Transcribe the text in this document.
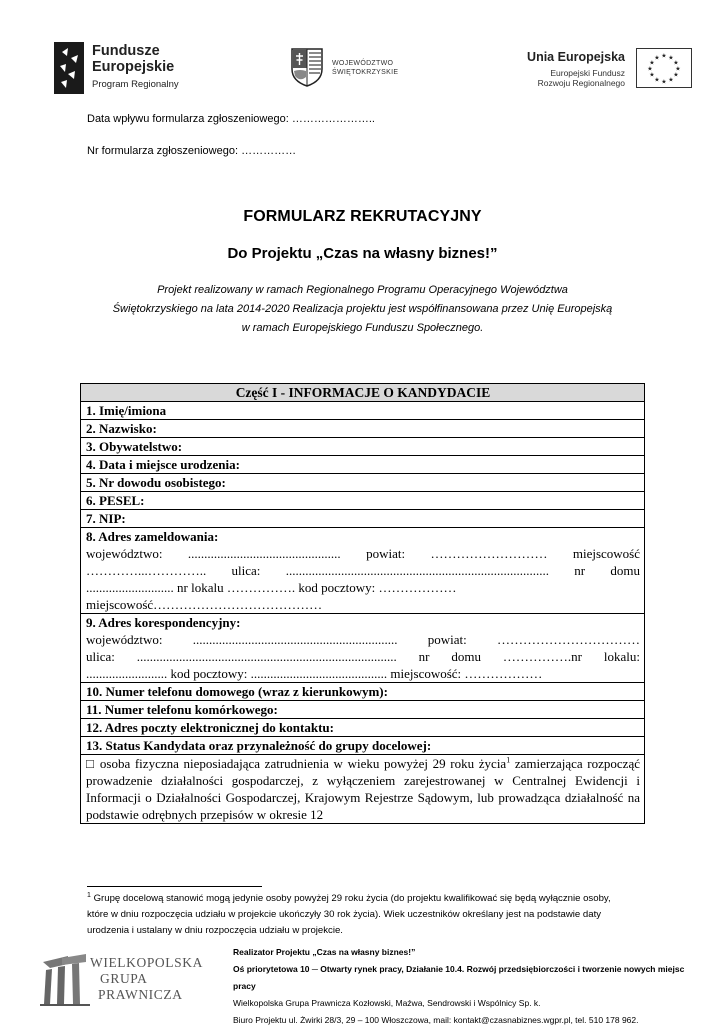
Fundusze
Europejskie
Program Regionalny
WOJEWÓDZTWO
ŚWIĘTOKRZYSKIE
Unia Europejska
Europejski Fundusz
Rozwoju Regionalnego
★ ★
★
★
★
★
★
★
★
★
★
★
Data wpływu formularza zgłoszeniowego: …………………..
Nr formularza zgłoszeniowego: ……………
FORMULARZ REKRUTACYJNY
Do Projektu „Czas na własny biznes!”
Projekt realizowany w ramach Regionalnego Programu Operacyjnego Województwa
Świętokrzyskiego na lata 2014-2020 Realizacja projektu jest współfinansowana przez Unię Europejską
w ramach Europejskiego Funduszu Społecznego.
Część I - INFORMACJE O KANDYDACIE
1. Imię/imiona
2. Nazwisko:
3. Obywatelstwo:
4. Data i miejsce urodzenia:
5. Nr dowodu osobistego:
6. PESEL:
7. NIP:
8. Adres zameldowania:
województwo: ............................................... powiat: ……………………… miejscowość
…………...………….. ulica: ................................................................................. nr domu
........................... nr lokalu ……………. kod pocztowy: ………………
miejscowość…………………………………
9. Adres korespondencyjny:
województwo: ............................................................... powiat: ……………………………
ulica: ................................................................................ nr domu …………….nr lokalu:
......................... kod pocztowy: .......................................... miejscowość: ………………
10. Numer telefonu domowego (wraz z kierunkowym):
11. Numer telefonu komórkowego:
12. Adres poczty elektronicznej do kontaktu:
13. Status Kandydata oraz przynależność do grupy docelowej:
□ osoba fizyczna nieposiadająca zatrudnienia w wieku powyżej 29 roku życia$^1$ zamierzająca rozpocząć prowadzenie działalności gospodarczej, z wyłączeniem zarejestrowanej w Centralnej Ewidencji i Informacji o Działalności Gospodarczej, Krajowym Rejestrze Sądowym, lub prowadząca działalność na podstawie odrębnych przepisów w okresie 12
$^1$ Grupę docelową stanowić mogą jedynie osoby powyżej 29 roku życia (do projektu kwalifikować się będą wyłącznie osoby, które w dniu rozpoczęcia udziału w projekcie ukończyły 30 rok życia). Wiek uczestników określany jest na podstawie daty urodzenia i ustalany w dniu rozpoczęcia udziału w projekcie.
WIELKOPOLSKA
GRUPA
PRAWNICZA
Realizator Projektu „Czas na własny biznes!”
Oś priorytetowa 10 ─ Otwarty rynek pracy, Działanie 10.4. Rozwój przedsiębiorczości i tworzenie nowych miejsc pracy
Wielkopolska Grupa Prawnicza Kozłowski, Maźwa, Sendrowski i Wspólnicy Sp. k.
Biuro Projektu ul. Żwirki 28/3, 29 – 100 Włoszczowa, mail: kontakt@czasnabiznes.wgpr.pl, tel. 510 178 962.
